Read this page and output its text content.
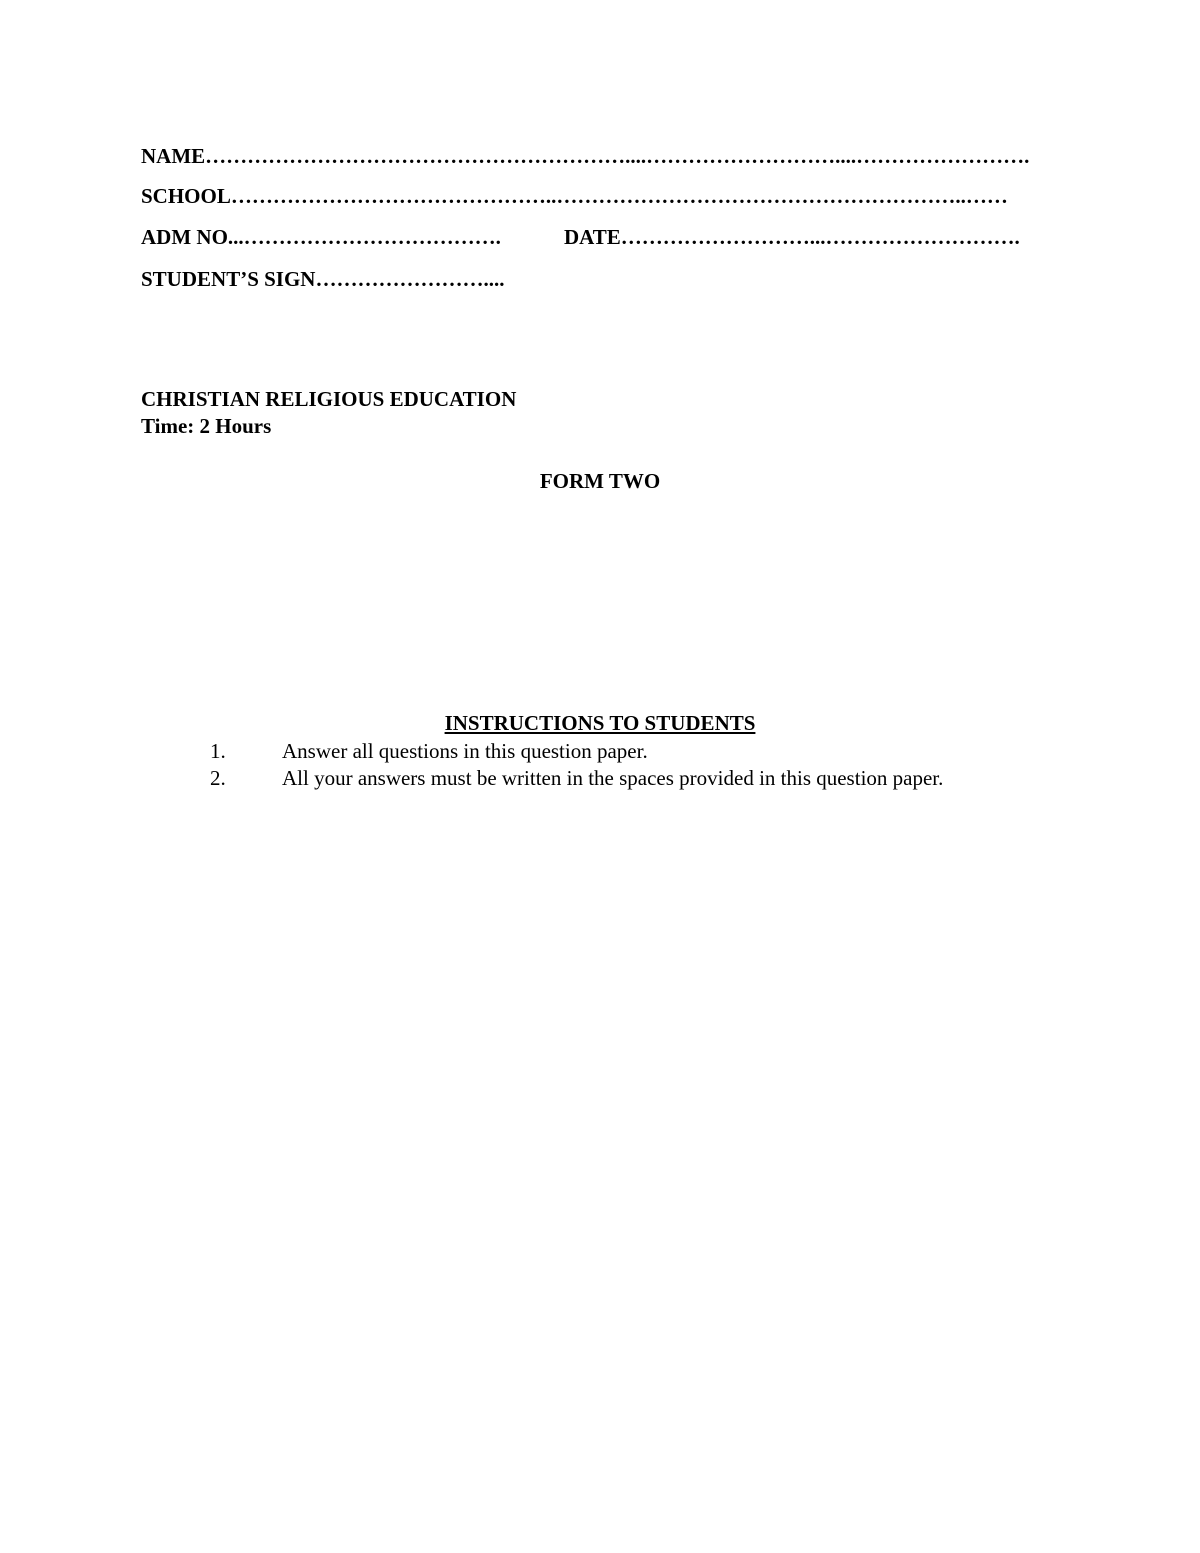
NAME……………………………………………………....………………………....…………………….
SCHOOL………………………………………..…………………………………………………..……
ADM NO...……………………………….	DATE………………………...……………………….
STUDENT’S SIGN……………………....
CHRISTIAN RELIGIOUS EDUCATION
Time: 2 Hours
FORM TWO
INSTRUCTIONS TO STUDENTS
1.	Answer all questions in this question paper.
2.	All your answers must be written in the spaces provided in this question paper.
